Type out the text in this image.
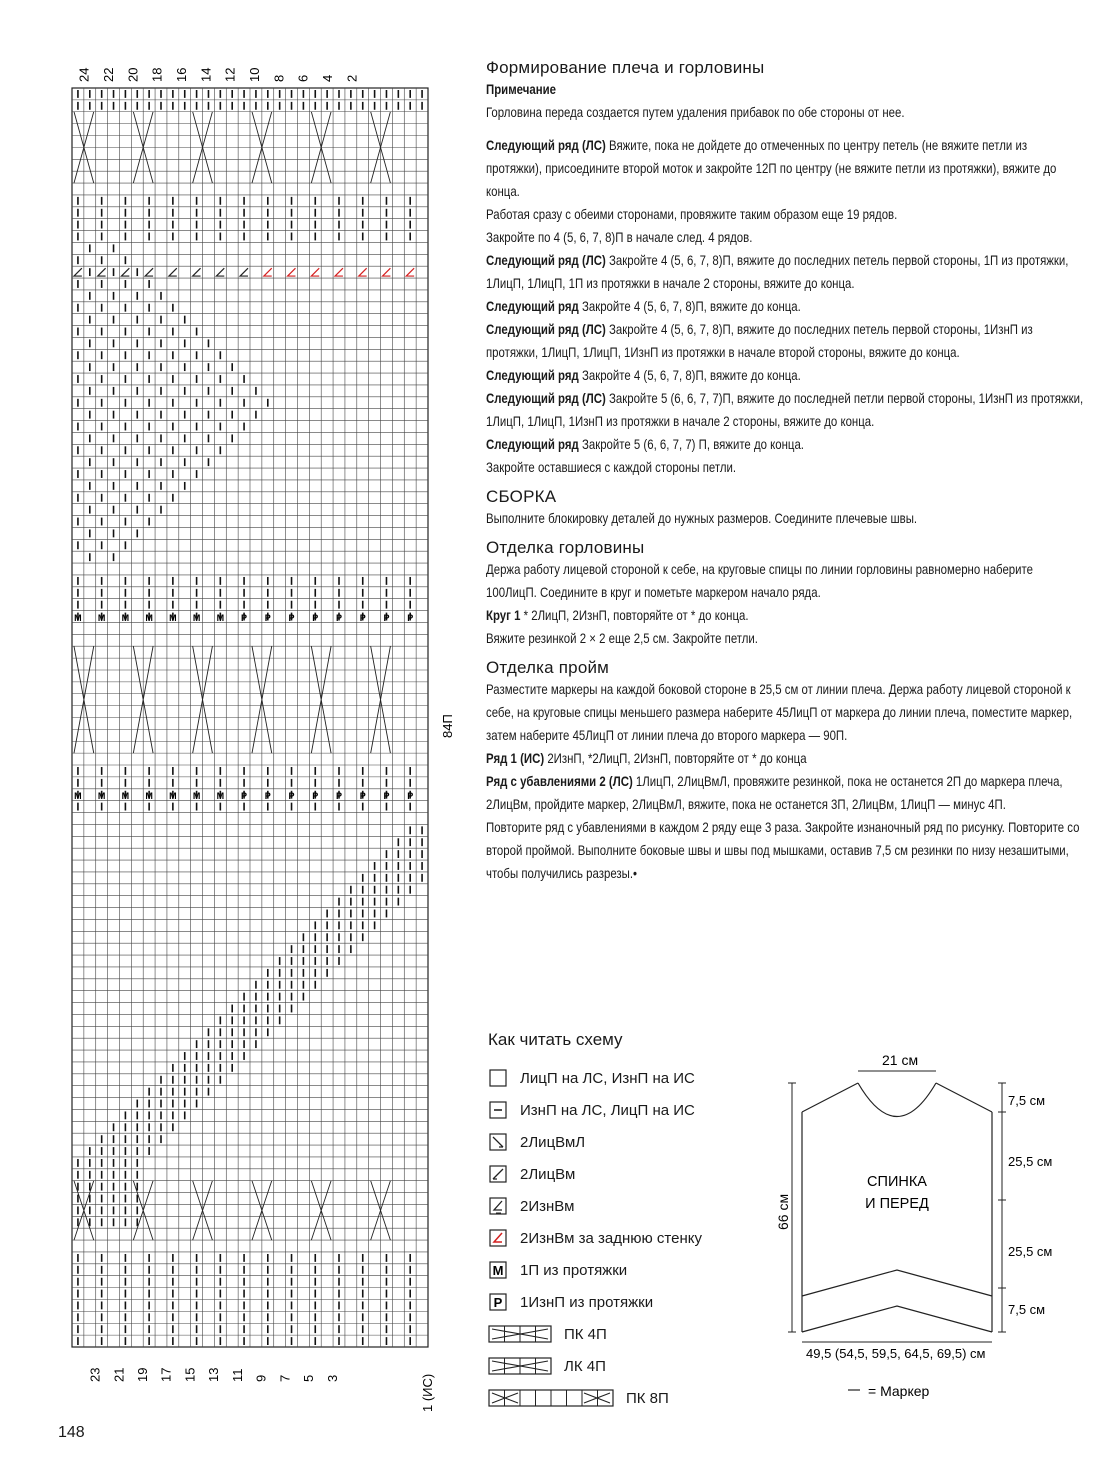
M M M M M M M P P P P P P P P
M M M M M M M P P P P P P P P
24 22 20 18 16 14 12 10 8 6 4 2
23 21 19 17 15 13 11 9 7 5 3	1 (ИС)
84П
Формирование плеча и горловины
Примечание
Горловина переда создается путем удаления прибавок по обе стороны от нее.
Следующий ряд (ЛС) Вяжите, пока не дойдете до отмеченных по центру петель (не вяжите петли из протяжки), присоедините второй моток и закройте 12П по центру (не вяжите петли из протяжки), вяжите до конца.
Работая сразу с обеими сторонами, провяжите таким образом еще 19 рядов.
Закройте по 4 (5, 6, 7, 8)П в начале след. 4 рядов.
Следующий ряд (ЛС) Закройте 4 (5, 6, 7, 8)П, вяжите до последних петель первой стороны, 1П из протяжки, 1ЛицП, 1ЛицП, 1П из протяжки в начале 2 стороны, вяжите до конца.
Следующий ряд Закройте 4 (5, 6, 7, 8)П, вяжите до конца.
Следующий ряд (ЛС) Закройте 4 (5, 6, 7, 8)П, вяжите до последних петель первой стороны, 1ИзнП из протяжки, 1ЛицП, 1ЛицП, 1ИзнП из протяжки в начале второй стороны, вяжите до конца.
Следующий ряд Закройте 4 (5, 6, 7, 8)П, вяжите до конца.
Следующий ряд (ЛС) Закройте 5 (6, 6, 7, 7)П, вяжите до последней петли первой стороны, 1ИзнП из протяжки, 1ЛицП, 1ЛицП, 1ИзнП из протяжки в начале 2 стороны, вяжите до конца.
Следующий ряд Закройте 5 (6, 6, 7, 7) П, вяжите до конца.
Закройте оставшиеся с каждой стороны петли.
СБОРКА
Выполните блокировку деталей до нужных размеров. Соедините плечевые швы.
Отделка горловины
Держа работу лицевой стороной к себе, на круговые спицы по линии горловины равномерно наберите 100ЛицП. Соедините в круг и пометьте маркером начало ряда.
Круг 1 * 2ЛицП, 2ИзнП, повторяйте от * до конца.
Вяжите резинкой 2 × 2 еще 2,5 см. Закройте петли.
Отделка пройм
Разместите маркеры на каждой боковой стороне в 25,5 см от линии плеча. Держа работу лицевой стороной к себе, на круговые спицы меньшего размера наберите 45ЛицП от маркера до линии плеча, поместите маркер, затем наберите 45ЛицП от линии плеча до второго маркера — 90П.
Ряд 1 (ИС) 2ИзнП, *2ЛицП, 2ИзнП, повторяйте от * до конца
Ряд с убавлениями 2 (ЛС) 1ЛицП, 2ЛицВмЛ, провяжите резинкой, пока не останется 2П до маркера плеча, 2ЛицВм, пройдите маркер, 2ЛицВмЛ, вяжите, пока не останется 3П, 2ЛицВм, 1ЛицП — минус 4П.
Повторите ряд с убавлениями в каждом 2 ряду еще 3 раза. Закройте изнаночный ряд по рисунку. Повторите со второй проймой. Выполните боковые швы и швы под мышками, оставив 7,5 см резинки по низу незашитыми, чтобы получились разрезы.•
Как читать схему
ЛицП на ЛС, ИзнП на ИС
ИзнП на ЛС, ЛицП на ИС
2ЛицВмЛ
2ЛицВм
2ИзнВм
2ИзнВм за заднюю стенку
M 1П из протяжки
P 1ИзнП из протяжки
ПК 4П
ЛК 4П
ПК 8П
21 см
66 см
СПИНКА
И ПЕРЕД
7,5 см
25,5 см
25,5 см
7,5 см
49,5 (54,5, 59,5, 64,5, 69,5) см
= Маркер
148
